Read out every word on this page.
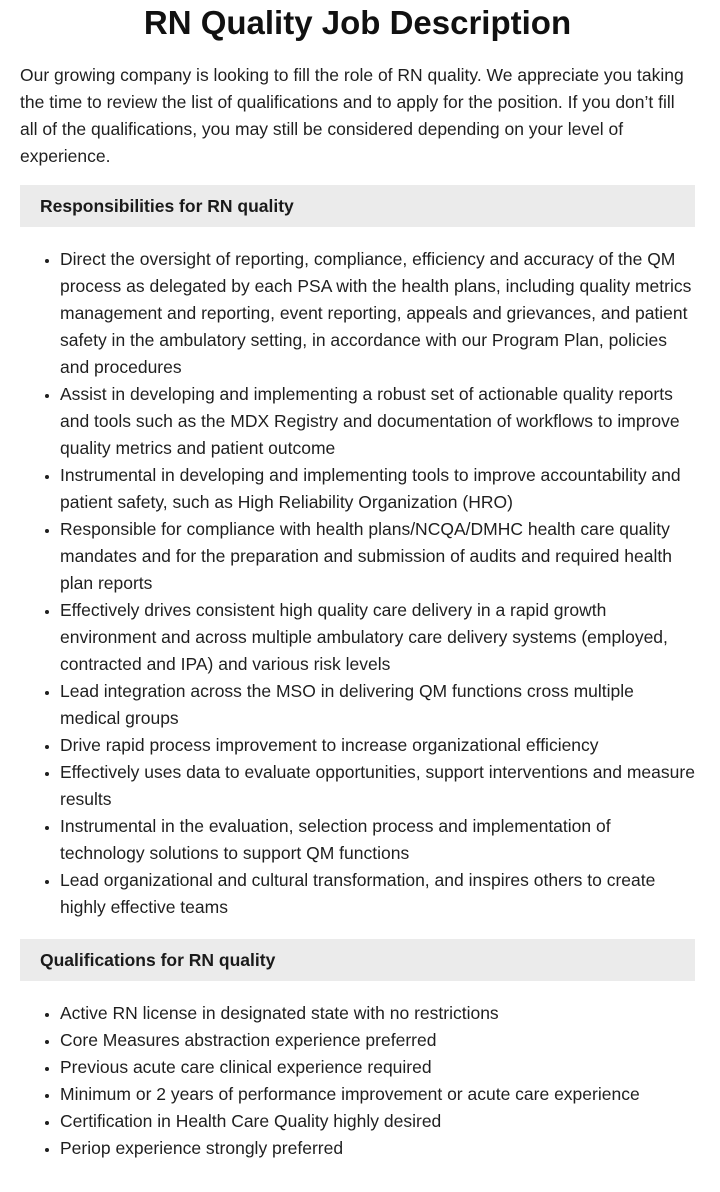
RN Quality Job Description

Our growing company is looking to fill the role of RN quality. We appreciate you taking the time to review the list of qualifications and to apply for the position. If you don’t fill all of the qualifications, you may still be considered depending on your level of experience.

Responsibilities for RN quality
• Direct the oversight of reporting, compliance, efficiency and accuracy of the QM process as delegated by each PSA with the health plans, including quality metrics management and reporting, event reporting, appeals and grievances, and patient safety in the ambulatory setting, in accordance with our Program Plan, policies and procedures
• Assist in developing and implementing a robust set of actionable quality reports and tools such as the MDX Registry and documentation of workflows to improve quality metrics and patient outcome
• Instrumental in developing and implementing tools to improve accountability and patient safety, such as High Reliability Organization (HRO)
• Responsible for compliance with health plans/NCQA/DMHC health care quality mandates and for the preparation and submission of audits and required health plan reports
• Effectively drives consistent high quality care delivery in a rapid growth environment and across multiple ambulatory care delivery systems (employed, contracted and IPA) and various risk levels
• Lead integration across the MSO in delivering QM functions cross multiple medical groups
• Drive rapid process improvement to increase organizational efficiency
• Effectively uses data to evaluate opportunities, support interventions and measure results
• Instrumental in the evaluation, selection process and implementation of technology solutions to support QM functions
• Lead organizational and cultural transformation, and inspires others to create highly effective teams
Qualifications for RN quality
• Active RN license in designated state with no restrictions
• Core Measures abstraction experience preferred
• Previous acute care clinical experience required
• Minimum or 2 years of performance improvement or acute care experience
• Certification in Health Care Quality highly desired
• Periop experience strongly preferred
